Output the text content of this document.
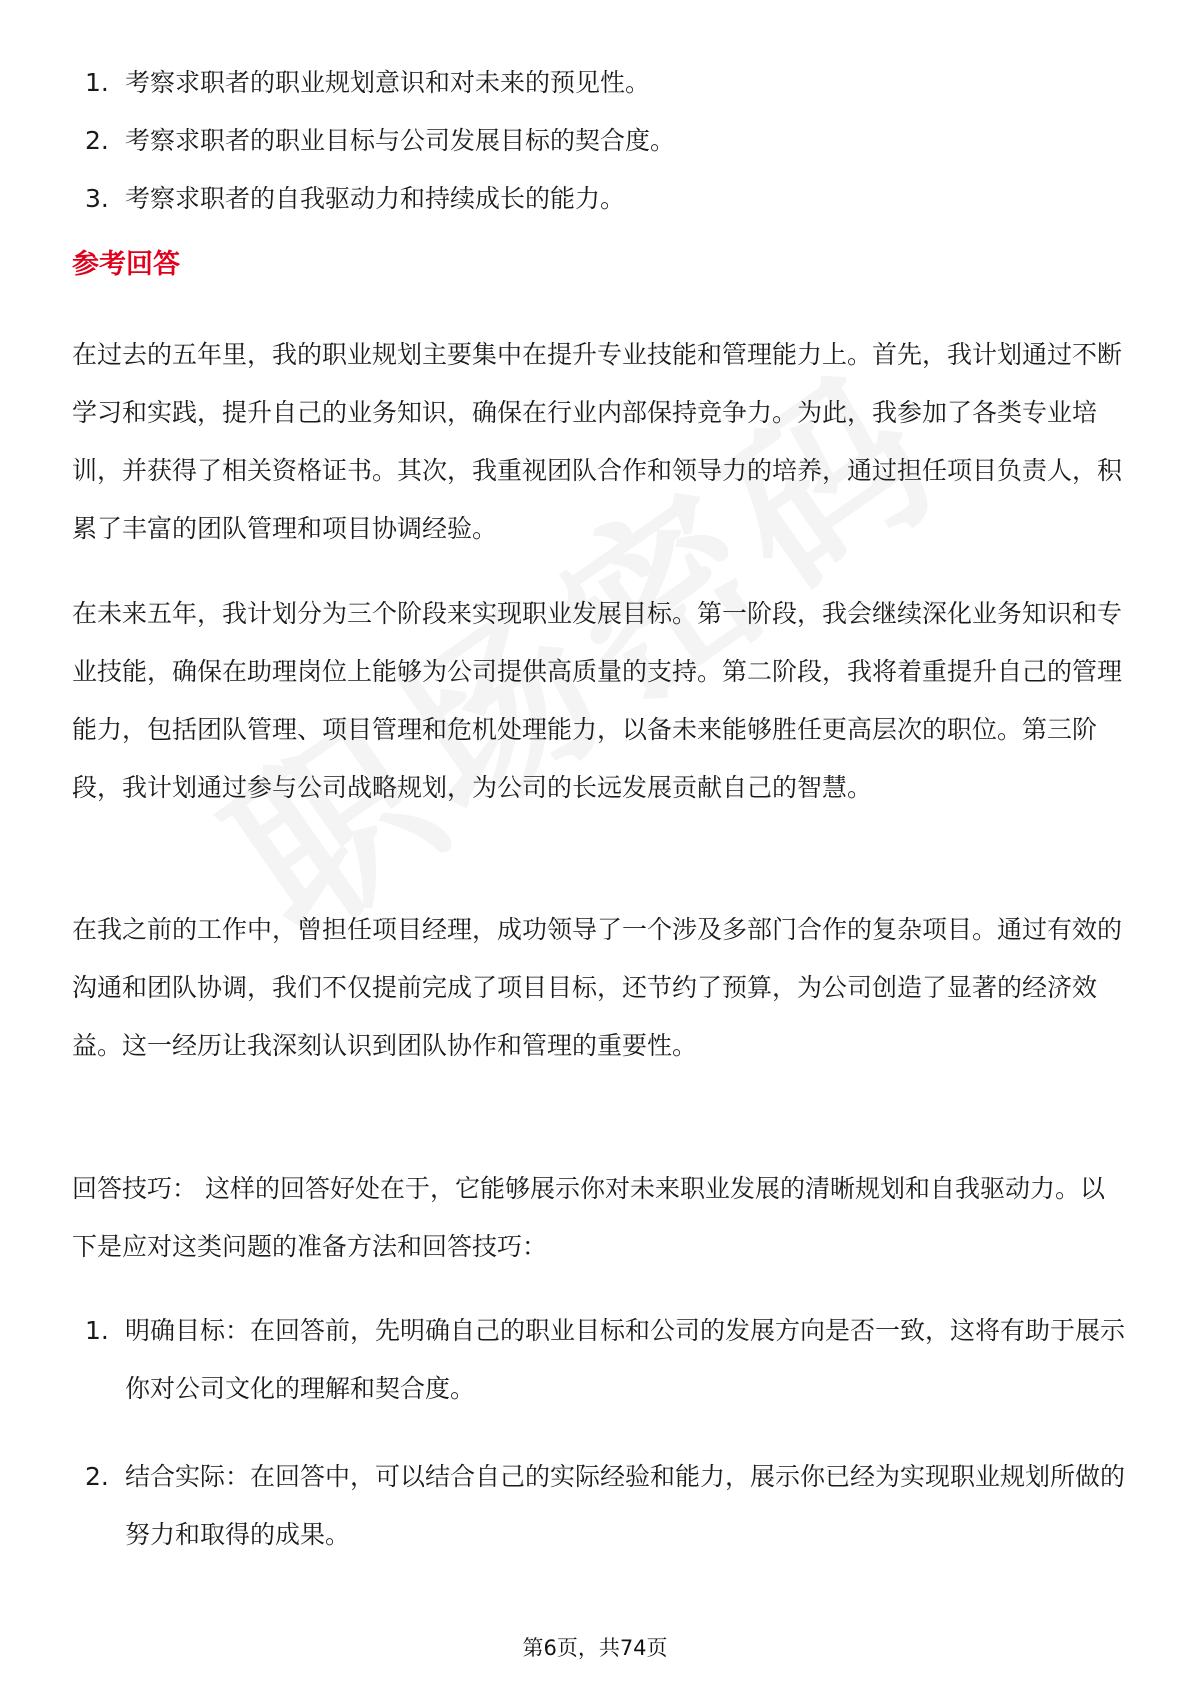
1. 考察求职者的职业规划意识和对未来的预见性。
2. 考察求职者的职业目标与公司发展目标的契合度。
3. 考察求职者的自我驱动力和持续成长的能力。
参考回答

在过去的五年里，我的职业规划主要集中在提升专业技能和管理能力上。首先，我计划通过不断学习和实践，提升自己的业务知识，确保在行业内部保持竞争力。为此，我参加了各类专业培训，并获得了相关资格证书。其次，我重视团队合作和领导力的培养，通过担任项目负责人，积累了丰富的团队管理和项目协调经验。

在未来五年，我计划分为三个阶段来实现职业发展目标。第一阶段，我会继续深化业务知识和专业技能，确保在助理岗位上能够为公司提供高质量的支持。第二阶段，我将着重提升自己的管理能力，包括团队管理、项目管理和危机处理能力，以备未来能够胜任更高层次的职位。第三阶段，我计划通过参与公司战略规划，为公司的长远发展贡献自己的智慧。

在我之前的工作中，曾担任项目经理，成功领导了一个涉及多部门合作的复杂项目。通过有效的沟通和团队协调，我们不仅提前完成了项目目标，还节约了预算，为公司创造了显著的经济效益。这一经历让我深刻认识到团队协作和管理的重要性。

回答技巧： 这样的回答好处在于，它能够展示你对未来职业发展的清晰规划和自我驱动力。以下是应对这类问题的准备方法和回答技巧：

1. 明确目标：在回答前，先明确自己的职业目标和公司的发展方向是否一致，这将有助于展示你对公司文化的理解和契合度。
2. 结合实际：在回答中，可以结合自己的实际经验和能力，展示你已经为实现职业规划所做的努力和取得的成果。
第6页，共74页
